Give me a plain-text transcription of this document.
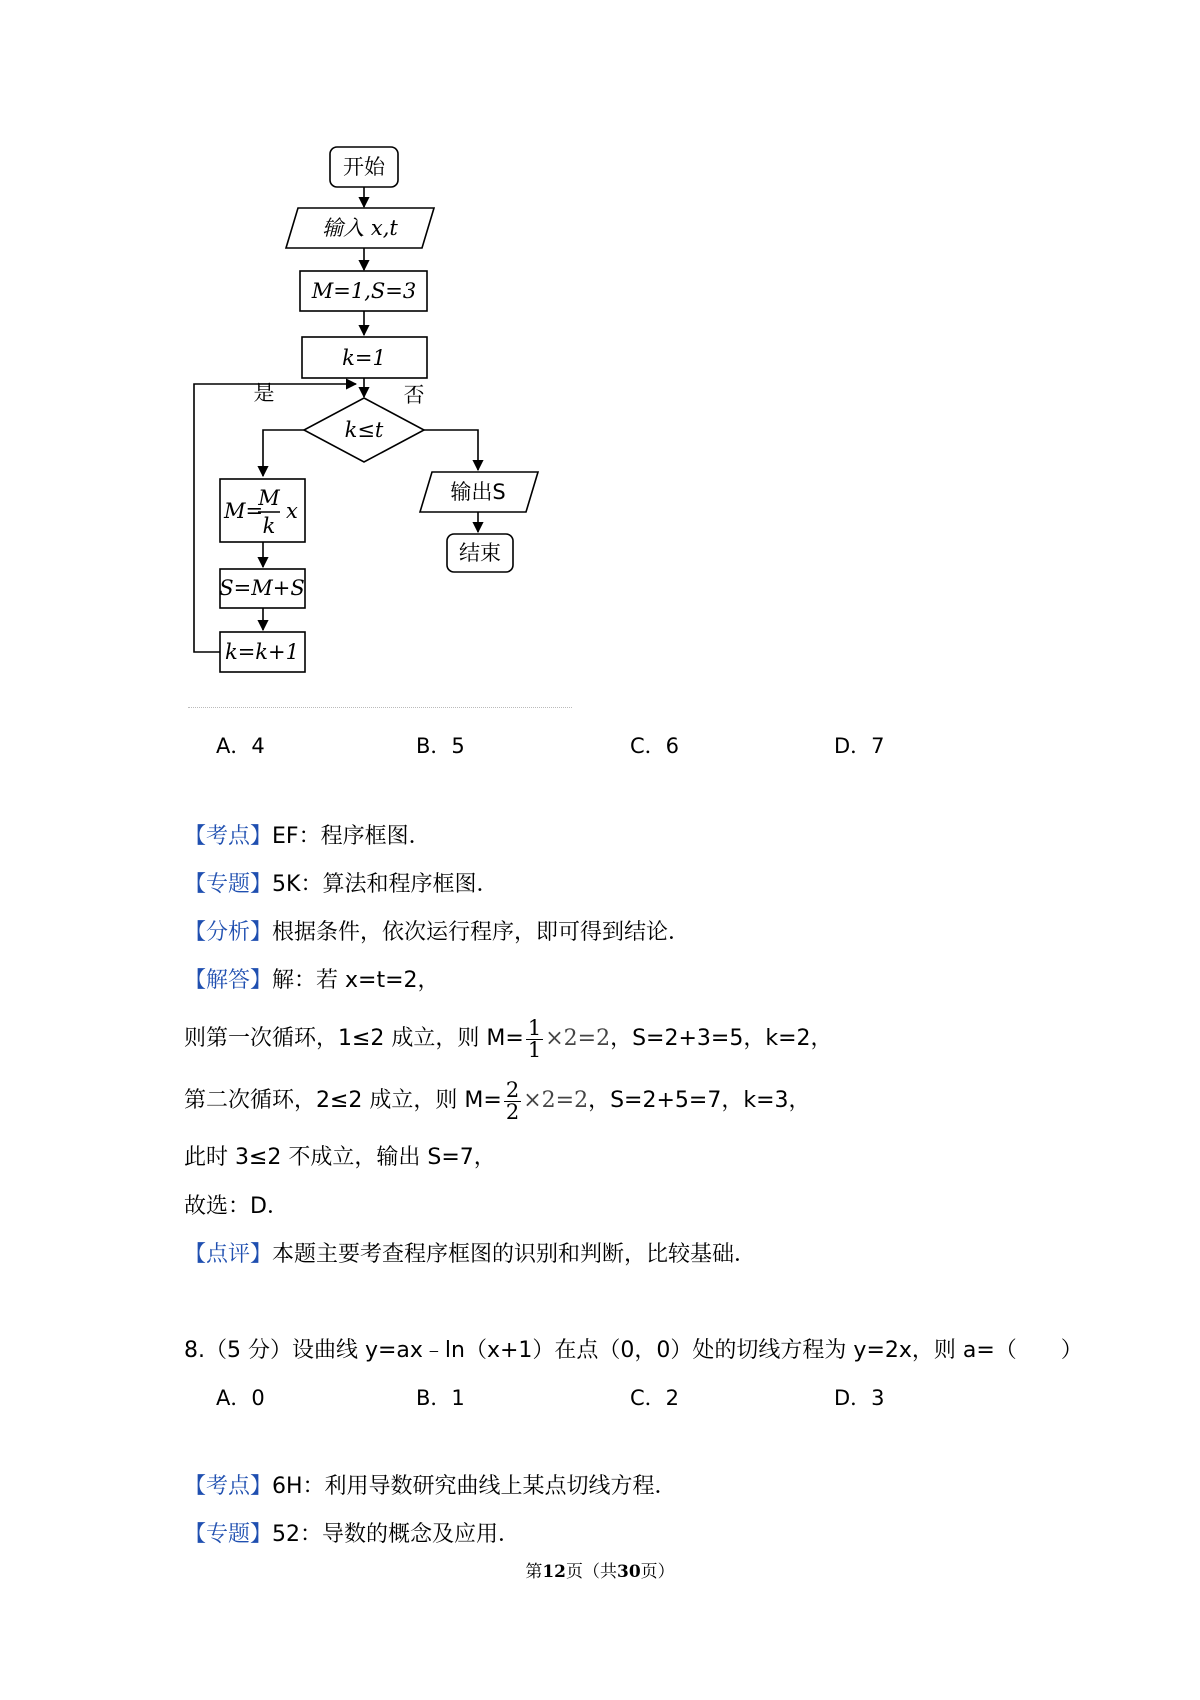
开始
输入 x,t
M=1,S=3
k=1
k≤t
是	否
M=
M
k
x
S=M+S
k=k+1
输出S
结束
A．4	B．5	C．6	D．7
【考点】EF：程序框图．
【专题】5K：算法和程序框图．
【分析】根据条件，依次运行程序，即可得到结论．
【解答】解：若 x=t=2，
则第一次循环，1≤2 成立，则 $M= \frac{1}{1} \times 2=2$，S=2+3=5，k=2，
第二次循环，2≤2 成立，则 $M= \frac{2}{2} \times 2=2$，S=2+5=7，k=3，
此时 3≤2 不成立，输出 S=7，
故选：D．
【点评】本题主要考查程序框图的识别和判断，比较基础．
8.（5 分）设曲线 y=ax﹣ln（x+1）在点（0，0）处的切线方程为 y=2x，则 a=（　　）
A．0	B．1	C．2	D．3
【考点】6H：利用导数研究曲线上某点切线方程．
【专题】52：导数的概念及应用．
第12页（共30页）
